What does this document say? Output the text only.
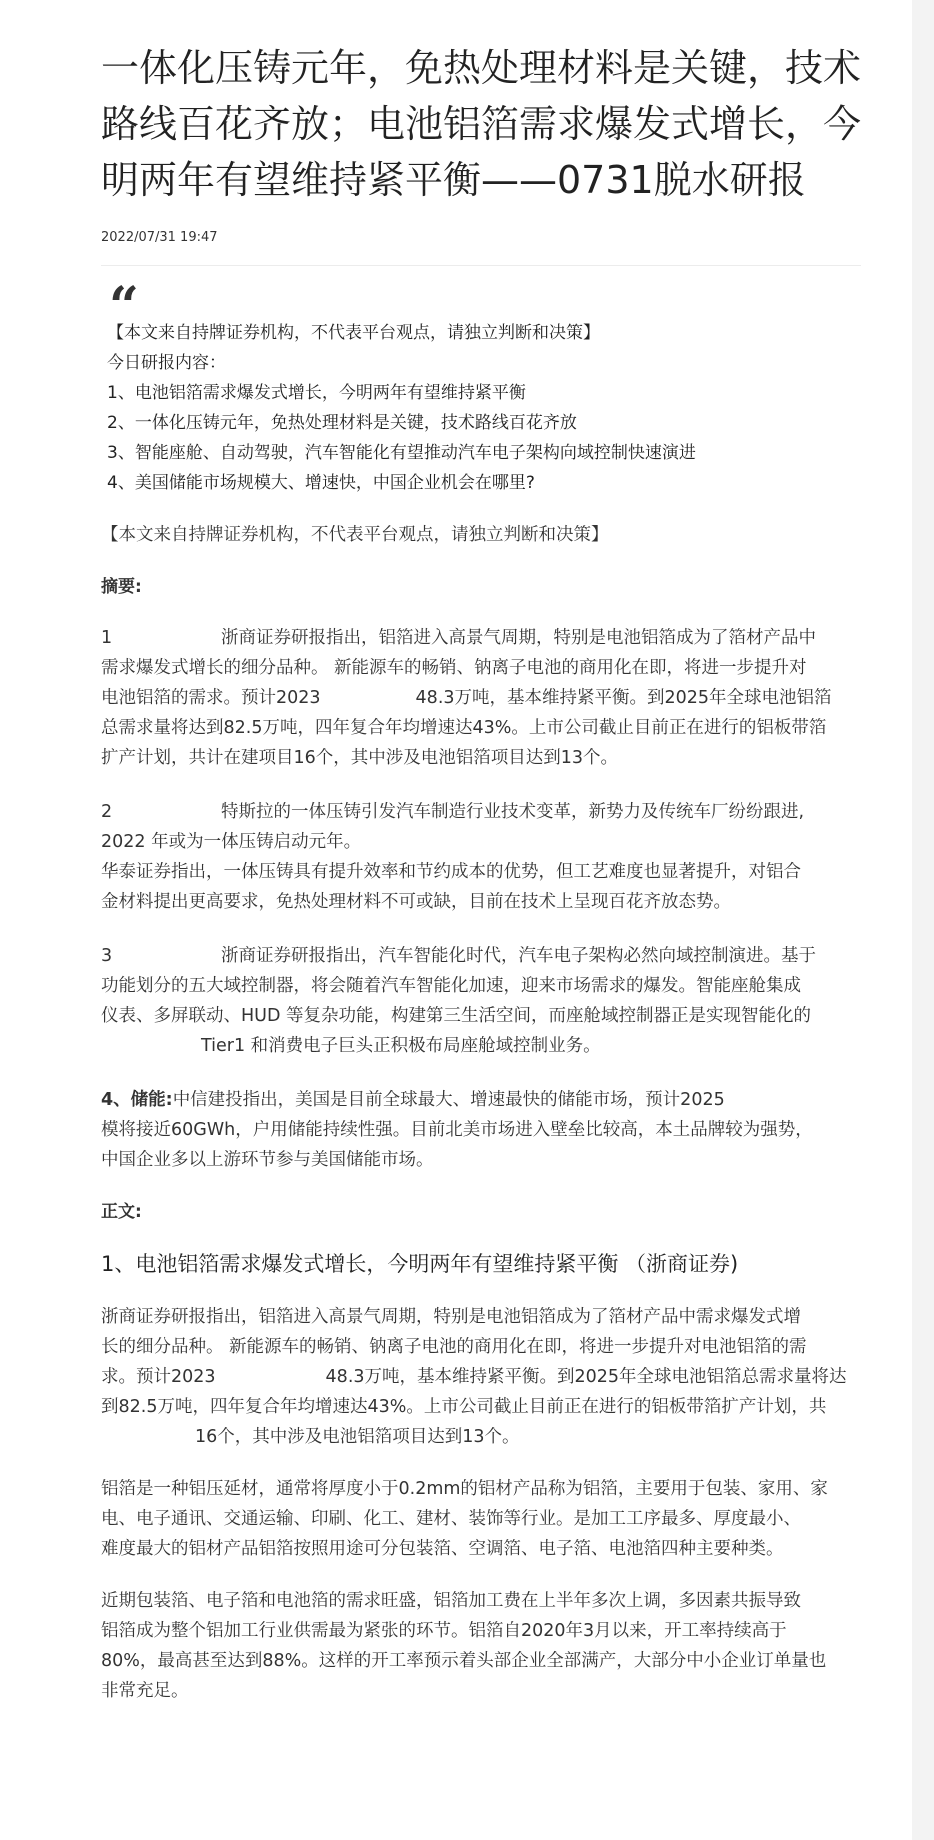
一体化压铸元年，免热处理材料是关键，技术路线百花齐放；电池铝箔需求爆发式增长，今明两年有望维持紧平衡——0731脱水研报
2022/07/31 19:47
“
【本文来自持牌证券机构，不代表平台观点，请独立判断和决策】
今日研报内容：
1、电池铝箔需求爆发式增长，今明两年有望维持紧平衡
2、一体化压铸元年，免热处理材料是关键，技术路线百花齐放
3、智能座舱、自动驾驶，汽车智能化有望推动汽车电子架构向域控制快速演进
4、美国储能市场规模大、增速快，中国企业机会在哪里?

【本文来自持牌证券机构，不代表平台观点，请独立判断和决策】

摘要:
1	浙商证券研报指出，铝箔进入高景气周期，特别是电池铝箔成为了箔材产品中
需求爆发式增长的细分品种。 新能源车的畅销、钠离子电池的商用化在即，将进一步提升对
电池铝箔的需求。预计2023	48.3万吨，基本维持紧平衡。到2025年全球电池铝箔
总需求量将达到82.5万吨，四年复合年均增速达43%。上市公司截止目前正在进行的铝板带箔
扩产计划，共计在建项目16个，其中涉及电池铝箔项目达到13个。
2	特斯拉的一体压铸引发汽车制造行业技术变革，新势力及传统车厂纷纷跟进,
2022 年或为一体压铸启动元年。
华泰证券指出，一体压铸具有提升效率和节约成本的优势，但工艺难度也显著提升，对铝合
金材料提出更高要求，免热处理材料不可或缺，目前在技术上呈现百花齐放态势。
3	浙商证券研报指出，汽车智能化时代，汽车电子架构必然向域控制演进。基于
功能划分的五大域控制器，将会随着汽车智能化加速，迎来市场需求的爆发。智能座舱集成
仪表、多屏联动、HUD 等复杂功能，构建第三生活空间，而座舱域控制器正是实现智能化的
Tier1 和消费电子巨头正积极布局座舱域控制业务。
4、储能:中信建投指出，美国是目前全球最大、增速最快的储能市场，预计2025
模将接近60GWh，户用储能持续性强。目前北美市场进入壁垒比较高，本土品牌较为强势，
中国企业多以上游环节参与美国储能市场。
正文:
1、电池铝箔需求爆发式增长，今明两年有望维持紧平衡 （浙商证券)
浙商证券研报指出，铝箔进入高景气周期，特别是电池铝箔成为了箔材产品中需求爆发式增
长的细分品种。 新能源车的畅销、钠离子电池的商用化在即，将进一步提升对电池铝箔的需
求。预计2023	48.3万吨，基本维持紧平衡。到2025年全球电池铝箔总需求量将达
到82.5万吨，四年复合年均增速达43%。上市公司截止目前正在进行的铝板带箔扩产计划，共
16个，其中涉及电池铝箔项目达到13个。
铝箔是一种铝压延材，通常将厚度小于0.2mm的铝材产品称为铝箔，主要用于包装、家用、家
电、电子通讯、交通运输、印刷、化工、建材、装饰等行业。是加工工序最多、厚度最小、
难度最大的铝材产品铝箔按照用途可分包装箔、空调箔、电子箔、电池箔四种主要种类。
近期包装箔、电子箔和电池箔的需求旺盛，铝箔加工费在上半年多次上调，多因素共振导致
铝箔成为整个铝加工行业供需最为紧张的环节。铝箔自2020年3月以来，开工率持续高于
80%，最高甚至达到88%。这样的开工率预示着头部企业全部满产，大部分中小企业订单量也
非常充足。
